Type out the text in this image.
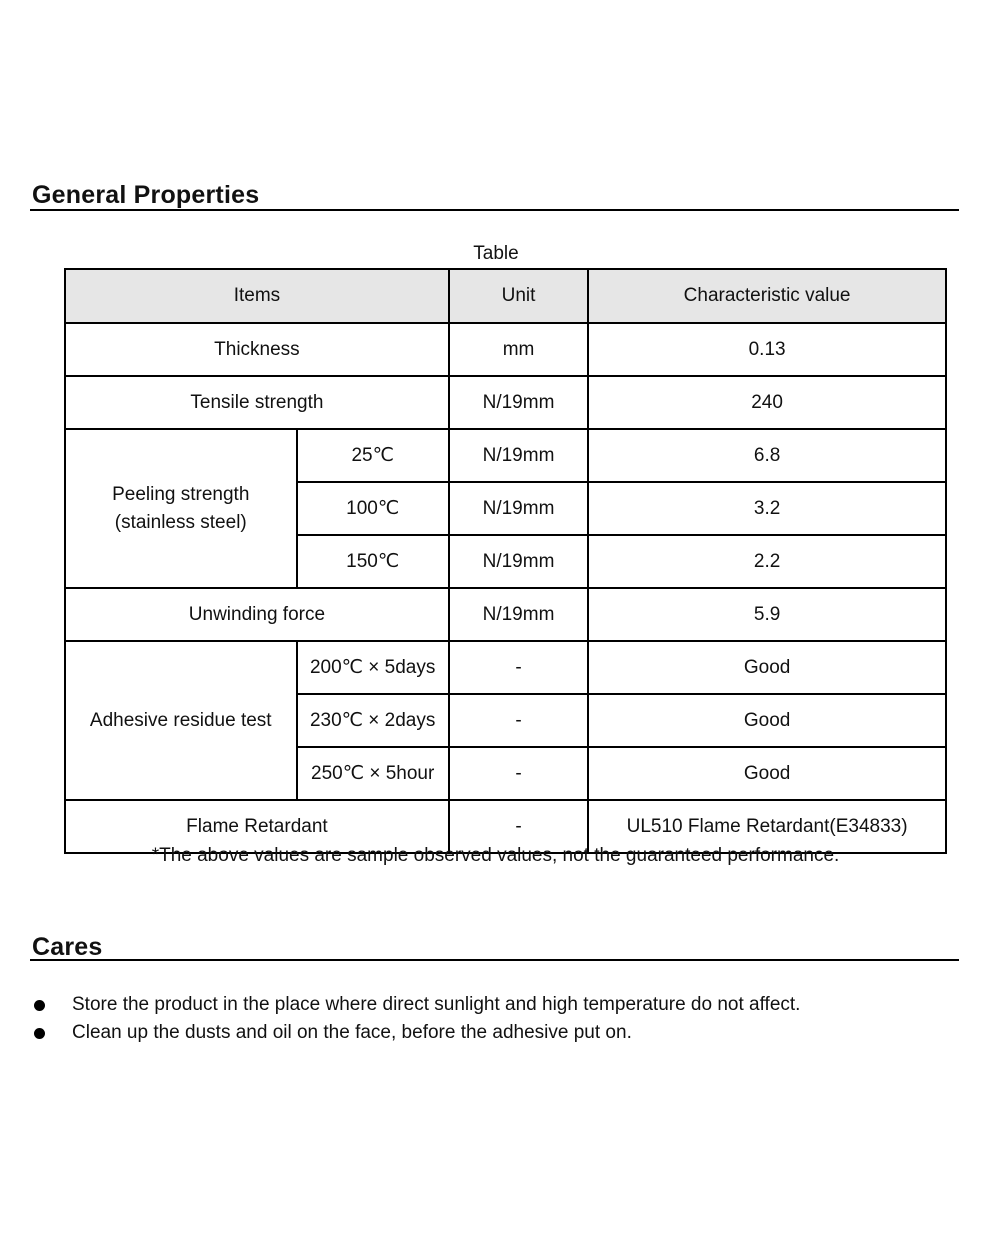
General Properties
Table
Items		Unit	Characteristic value
Thickness		mm	0.13
Tensile strength		N/19mm	240

Peeling strength
(stainless steel)	25℃	N/19mm	6.8
	100℃	N/19mm	3.2
	150℃	N/19mm	2.2
Unwinding force		N/19mm	5.9
Adhesive residue test	200℃ × 5days	-	Good
	230℃ × 2days	-	Good
	250℃ × 5hour	-	Good
Flame Retardant		-	UL510 Flame Retardant(E34833)
*The above values are sample observed values, not the guaranteed performance.
Cares
Store the product in the place where direct sunlight and high temperature do not affect.
Clean up the dusts and oil on the face, before the adhesive put on.
